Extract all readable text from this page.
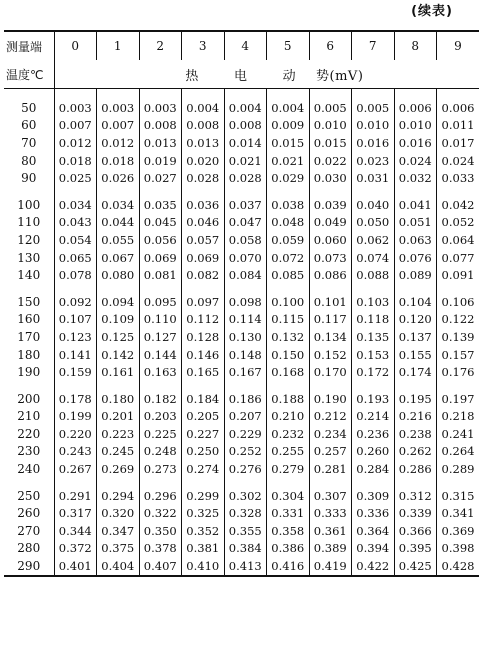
(续表)
测量端	0	1	2	3	4	5	6	7	8	9
温度℃	热 电 动 势(mV)									

50	0.003	0.003	0.003	0.004	0.004	0.004	0.005	0.005	0.006	0.006
60	0.007	0.007	0.008	0.008	0.008	0.009	0.010	0.010	0.010	0.011
70	0.012	0.012	0.013	0.013	0.014	0.015	0.015	0.016	0.016	0.017
80	0.018	0.018	0.019	0.020	0.021	0.021	0.022	0.023	0.024	0.024
90	0.025	0.026	0.027	0.028	0.028	0.029	0.030	0.031	0.032	0.033

100	0.034	0.034	0.035	0.036	0.037	0.038	0.039	0.040	0.041	0.042
110	0.043	0.044	0.045	0.046	0.047	0.048	0.049	0.050	0.051	0.052
120	0.054	0.055	0.056	0.057	0.058	0.059	0.060	0.062	0.063	0.064
130	0.065	0.067	0.069	0.069	0.070	0.072	0.073	0.074	0.076	0.077
140	0.078	0.080	0.081	0.082	0.084	0.085	0.086	0.088	0.089	0.091

150	0.092	0.094	0.095	0.097	0.098	0.100	0.101	0.103	0.104	0.106
160	0.107	0.109	0.110	0.112	0.114	0.115	0.117	0.118	0.120	0.122
170	0.123	0.125	0.127	0.128	0.130	0.132	0.134	0.135	0.137	0.139
180	0.141	0.142	0.144	0.146	0.148	0.150	0.152	0.153	0.155	0.157
190	0.159	0.161	0.163	0.165	0.167	0.168	0.170	0.172	0.174	0.176

200	0.178	0.180	0.182	0.184	0.186	0.188	0.190	0.193	0.195	0.197
210	0.199	0.201	0.203	0.205	0.207	0.210	0.212	0.214	0.216	0.218
220	0.220	0.223	0.225	0.227	0.229	0.232	0.234	0.236	0.238	0.241
230	0.243	0.245	0.248	0.250	0.252	0.255	0.257	0.260	0.262	0.264
240	0.267	0.269	0.273	0.274	0.276	0.279	0.281	0.284	0.286	0.289

250	0.291	0.294	0.296	0.299	0.302	0.304	0.307	0.309	0.312	0.315
260	0.317	0.320	0.322	0.325	0.328	0.331	0.333	0.336	0.339	0.341
270	0.344	0.347	0.350	0.352	0.355	0.358	0.361	0.364	0.366	0.369
280	0.372	0.375	0.378	0.381	0.384	0.386	0.389	0.394	0.395	0.398
290	0.401	0.404	0.407	0.410	0.413	0.416	0.419	0.422	0.425	0.428
